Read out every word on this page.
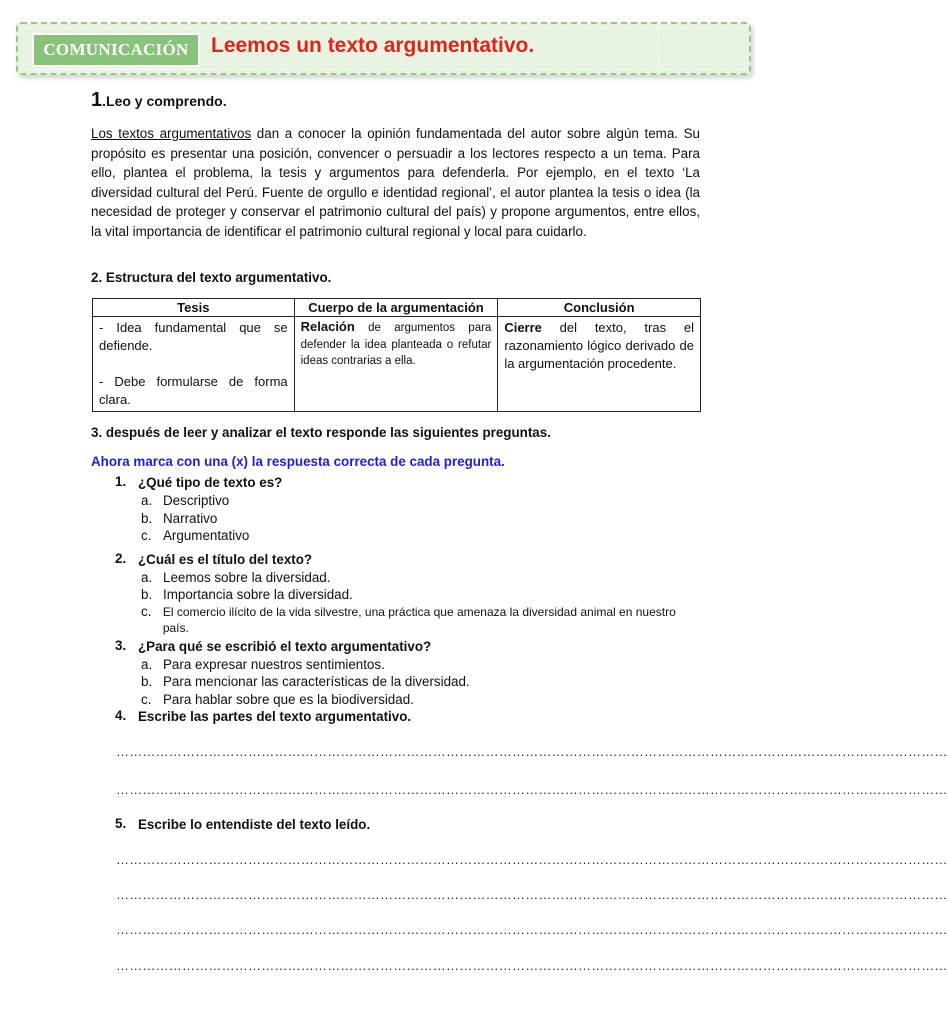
COMUNICACIÓN	Leemos un texto argumentativo.
1.Leo y comprendo.
Los textos argumentativos dan a conocer la opinión fundamentada del autor sobre algún tema. Su propósito es presentar una posición, convencer o persuadir a los lectores respecto a un tema. Para ello, plantea el problema, la tesis y argumentos para defenderla. Por ejemplo, en el texto ‘La diversidad cultural del Perú. Fuente de orgullo e identidad regional’, el autor plantea la tesis o idea (la necesidad de proteger y conservar el patrimonio cultural del país) y propone argumentos, entre ellos, la vital importancia de identificar el patrimonio cultural regional y local para cuidarlo.
2. Estructura del texto argumentativo.
Tesis	Cuerpo de la argumentación	Conclusión

- Idea fundamental que se defiende.
- Debe formularse de forma clara.	Relación de argumentos para defender la idea planteada o refutar ideas contrarias a ella.	Cierre del texto, tras el razonamiento lógico derivado de la argumentación procedente.
3. después de leer y analizar el texto responde las siguientes preguntas.
Ahora marca con una (x) la respuesta correcta de cada pregunta.
1. ¿Qué tipo de texto es?
a. Descriptivo
b. Narrativo
c. Argumentativo
2. ¿Cuál es el título del texto?
a. Leemos sobre la diversidad.
b. Importancia sobre la diversidad.
c. El comercio ilícito de la vida silvestre, una práctica que amenaza la diversidad animal en nuestro país.
3. ¿Para qué se escribió el texto argumentativo?
a. Para expresar nuestros sentimientos.
b. Para mencionar las características de la diversidad.
c. Para hablar sobre que es la biodiversidad.
4. Escribe las partes del texto argumentativo.
………………………………………………………………………………………………………………………………………………………………………
………………………………………………………………………………………………………………………………………………………………………
5. Escribe lo entendiste del texto leído.
………………………………………………………………………………………………………………………………………………………………………
………………………………………………………………………………………………………………………………………………………………………
………………………………………………………………………………………………………………………………………………………………………
………………………………………………………………………………………………………………………………………………………………………
